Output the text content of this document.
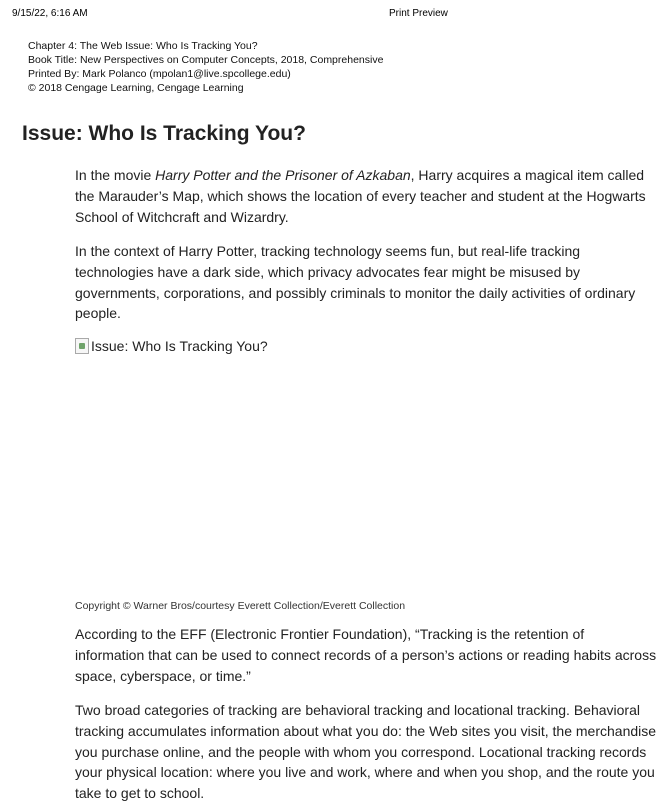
9/15/22, 6:16 AM	Print Preview
Chapter 4: The Web Issue: Who Is Tracking You?
Book Title: New Perspectives on Computer Concepts, 2018, Comprehensive
Printed By: Mark Polanco (mpolan1@live.spcollege.edu)
© 2018 Cengage Learning, Cengage Learning
Issue: Who Is Tracking You?

In the movie Harry Potter and the Prisoner of Azkaban, Harry acquires a magical item called the Marauder’s Map, which shows the location of every teacher and student at the Hogwarts School of Witchcraft and Wizardry.

In the context of Harry Potter, tracking technology seems fun, but real-life tracking technologies have a dark side, which privacy advocates fear might be misused by governments, corporations, and possibly criminals to monitor the daily activities of ordinary people.

Issue: Who Is Tracking You?
Copyright © Warner Bros/courtesy Everett Collection/Everett Collection

According to the EFF (Electronic Frontier Foundation), “Tracking is the retention of information that can be used to connect records of a person’s actions or reading habits across space, cyberspace, or time.”

Two broad categories of tracking are behavioral tracking and locational tracking. Behavioral tracking accumulates information about what you do: the Web sites you visit, the merchandise you purchase online, and the people with whom you correspond. Locational tracking records your physical location: where you live and work, where and when you shop, and the route you take to get to school.
